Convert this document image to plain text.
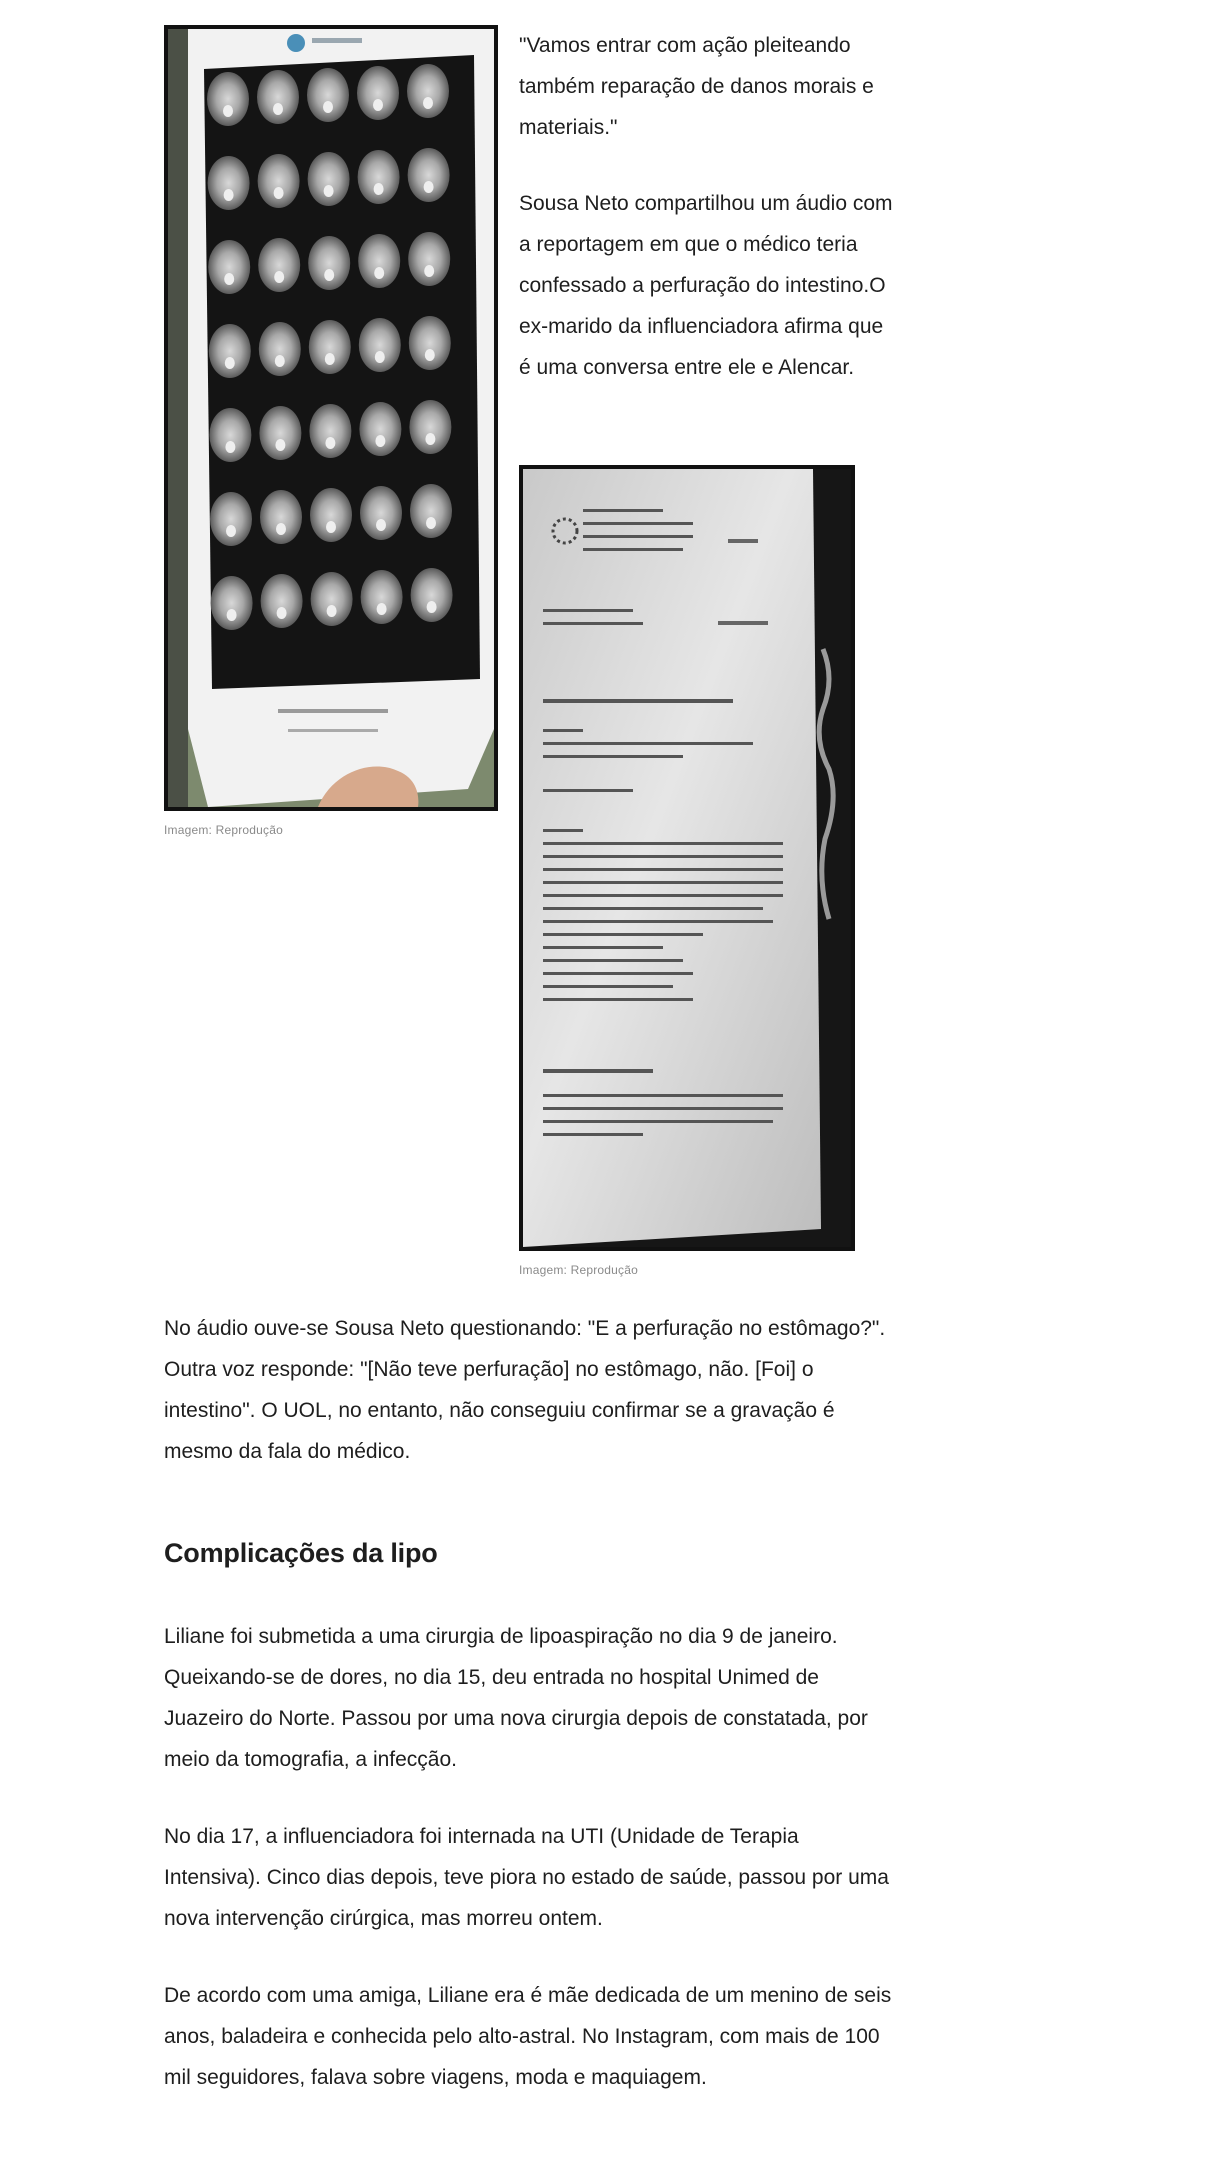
Imagem: Reprodução

"Vamos entrar com ação pleiteando também reparação de danos morais e materiais."

Sousa Neto compartilhou um áudio com a reportagem em que o médico teria confessado a perfuração do intestino.O ex-marido da influenciadora afirma que é uma conversa entre ele e Alencar.

Imagem: Reprodução

No áudio ouve-se Sousa Neto questionando: "E a perfuração no estômago?". Outra voz responde: "[Não teve perfuração] no estômago, não. [Foi] o intestino". O UOL, no entanto, não conseguiu confirmar se a gravação é mesmo da fala do médico.

Complicações da lipo

Liliane foi submetida a uma cirurgia de lipoaspiração no dia 9 de janeiro. Queixando-se de dores, no dia 15, deu entrada no hospital Unimed de Juazeiro do Norte. Passou por uma nova cirurgia depois de constatada, por meio da tomografia, a infecção.

No dia 17, a influenciadora foi internada na UTI (Unidade de Terapia Intensiva). Cinco dias depois, teve piora no estado de saúde, passou por uma nova intervenção cirúrgica, mas morreu ontem.

De acordo com uma amiga, Liliane era é mãe dedicada de um menino de seis anos, baladeira e conhecida pelo alto-astral. No Instagram, com mais de 100 mil seguidores, falava sobre viagens, moda e maquiagem.
